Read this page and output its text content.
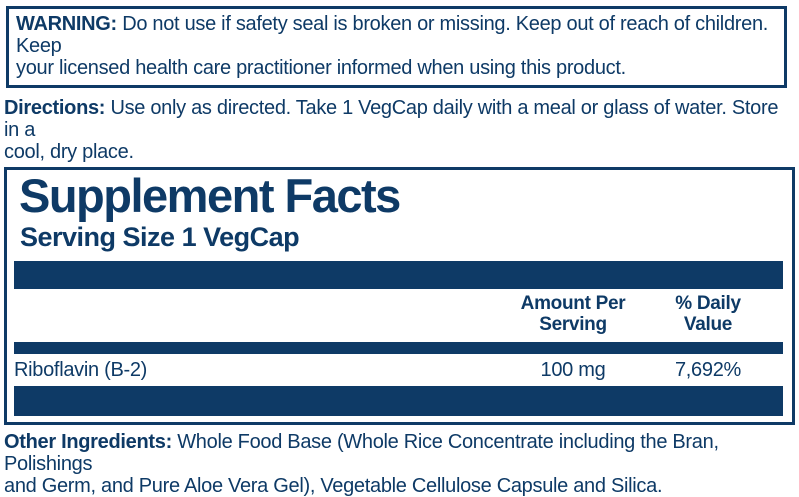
WARNING: Do not use if safety seal is broken or missing. Keep out of reach of children. Keep
your licensed health care practitioner informed when using this product.
Directions: Use only as directed. Take 1 VegCap daily with a meal or glass of water. Store in a
cool, dry place.
Supplement Facts
Serving Size 1 VegCap
Amount Per
Serving
% Daily
Value
Riboflavin (B-2)	100 mg	7,692%
Other Ingredients: Whole Food Base (Whole Rice Concentrate including the Bran, Polishings
and Germ, and Pure Aloe Vera Gel), Vegetable Cellulose Capsule and Silica.
